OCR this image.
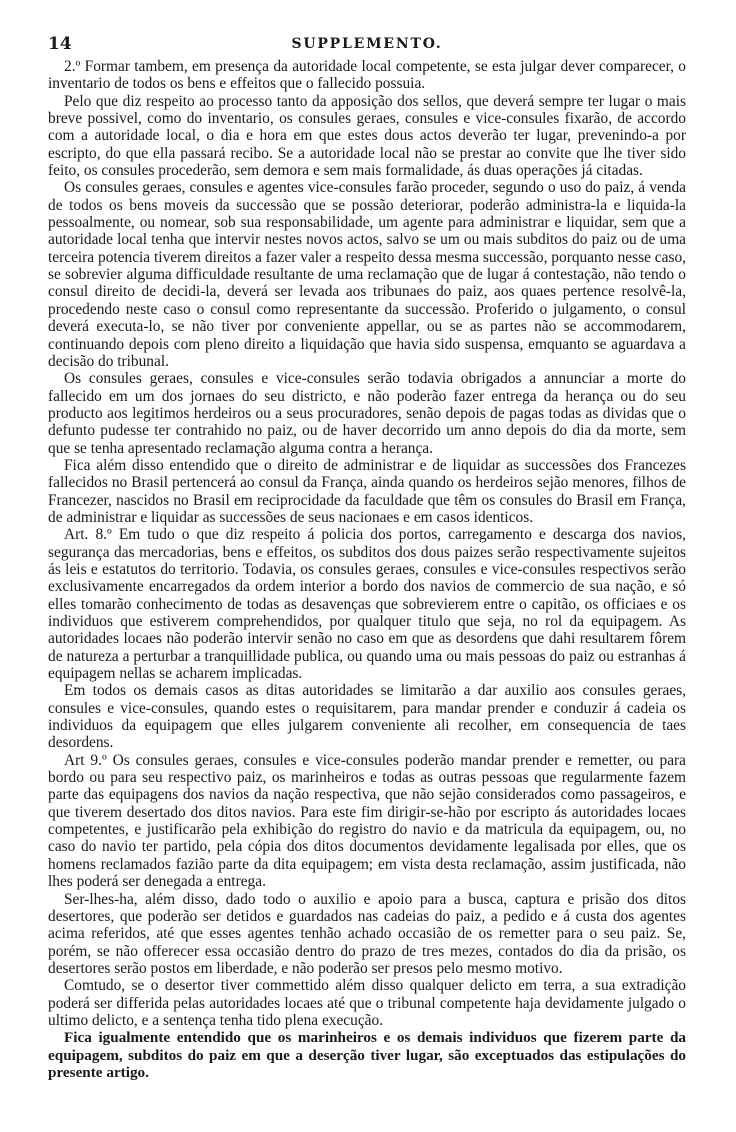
14	SUPPLEMENTO.

2.º Formar tambem, em presença da autoridade local competente, se esta julgar dever comparecer, o inventario de todos os bens e effeitos que o fallecido possuia.

Pelo que diz respeito ao processo tanto da apposição dos sellos, que deverá sempre ter lugar o mais breve possivel, como do inventario, os consules geraes, consules e vice-consules fixarão, de accordo com a autoridade local, o dia e hora em que estes dous actos deverão ter lugar, prevenindo-a por escripto, do que ella passará recibo. Se a autoridade local não se prestar ao convite que lhe tiver sido feito, os consules procederão, sem demora e sem mais formalidade, ás duas operações já citadas.

Os consules geraes, consules e agentes vice-consules farão proceder, segundo o uso do paiz, á venda de todos os bens moveis da successão que se possão deteriorar, poderão administra-la e liquida-la pessoalmente, ou nomear, sob sua responsabilidade, um agente para administrar e liquidar, sem que a autoridade local tenha que intervir nestes novos actos, salvo se um ou mais subditos do paiz ou de uma terceira potencia tiverem direitos a fazer valer a respeito dessa mesma successão, porquanto nesse caso, se sobrevier alguma difficuldade resultante de uma reclamação que de lugar á contestação, não tendo o consul direito de decidi-la, deverá ser levada aos tribunaes do paiz, aos quaes pertence resolvê-la, procedendo neste caso o consul como representante da successão. Proferido o julgamento, o consul deverá executa-lo, se não tiver por conveniente appellar, ou se as partes não se accommodarem, continuando depois com pleno direito a liquidação que havia sido suspensa, emquanto se aguardava a decisão do tribunal.

Os consules geraes, consules e vice-consules serão todavia obrigados a annunciar a morte do fallecido em um dos jornaes do seu districto, e não poderão fazer entrega da herança ou do seu producto aos legitimos herdeiros ou a seus procuradores, senão depois de pagas todas as dividas que o defunto pudesse ter contrahido no paiz, ou de haver decorrido um anno depois do dia da morte, sem que se tenha apresentado reclamação alguma contra a herança.

Fica além disso entendido que o direito de administrar e de liquidar as successões dos Francezes fallecidos no Brasil pertencerá ao consul da França, ainda quando os herdeiros sejão menores, filhos de Francezer, nascidos no Brasil em reciprocidade da faculdade que têm os consules do Brasil em França, de administrar e liquidar as successões de seus nacionaes e em casos identicos.

Art. 8.º Em tudo o que diz respeito á policia dos portos, carregamento e descarga dos navios, segurança das mercadorias, bens e effeitos, os subditos dos dous paizes serão respectivamente sujeitos ás leis e estatutos do territorio. Todavia, os consules geraes, consules e vice-consules respectivos serão exclusivamente encarregados da ordem interior a bordo dos navios de commercio de sua nação, e só elles tomarão conhecimento de todas as desavenças que sobrevierem entre o capitão, os officiaes e os individuos que estiverem comprehendidos, por qualquer titulo que seja, no rol da equipagem. As autoridades locaes não poderão intervir senão no caso em que as desordens que dahi resultarem fôrem de natureza a perturbar a tranquillidade publica, ou quando uma ou mais pessoas do paiz ou estranhas á equipagem nellas se acharem implicadas.

Em todos os demais casos as ditas autoridades se limitarão a dar auxilio aos consules geraes, consules e vice-consules, quando estes o requisitarem, para mandar prender e conduzir á cadeia os individuos da equipagem que elles julgarem conveniente ali recolher, em consequencia de taes desordens.

Art 9.º Os consules geraes, consules e vice-consules poderão mandar prender e remetter, ou para bordo ou para seu respectivo paiz, os marinheiros e todas as outras pessoas que regularmente fazem parte das equipagens dos navios da nação respectiva, que não sejão considerados como passageiros, e que tiverem desertado dos ditos navios. Para este fim dirigir-se-hão por escripto ás autoridades locaes competentes, e justificarão pela exhibição do registro do navio e da matricula da equipagem, ou, no caso do navio ter partido, pela cópia dos ditos documentos devidamente legalisada por elles, que os homens reclamados fazião parte da dita equipagem; em vista desta reclamação, assim justificada, não lhes poderá ser denegada a entrega.

Ser-lhes-ha, além disso, dado todo o auxilio e apoio para a busca, captura e prisão dos ditos desertores, que poderão ser detidos e guardados nas cadeias do paiz, a pedido e á custa dos agentes acima referidos, até que esses agentes tenhão achado occasião de os remetter para o seu paiz. Se, porém, se não offerecer essa occasião dentro do prazo de tres mezes, contados do dia da prisão, os desertores serão postos em liberdade, e não poderão ser presos pelo mesmo motivo.

Comtudo, se o desertor tiver commettido além disso qualquer delicto em terra, a sua extradição poderá ser differida pelas autoridades locaes até que o tribunal competente haja devidamente julgado o ultimo delicto, e a sentença tenha tido plena execução.

Fica igualmente entendido que os marinheiros e os demais individuos que fizerem parte da equipagem, subditos do paiz em que a deserção tiver lugar, são exceptuados das estipulações do presente artigo.
